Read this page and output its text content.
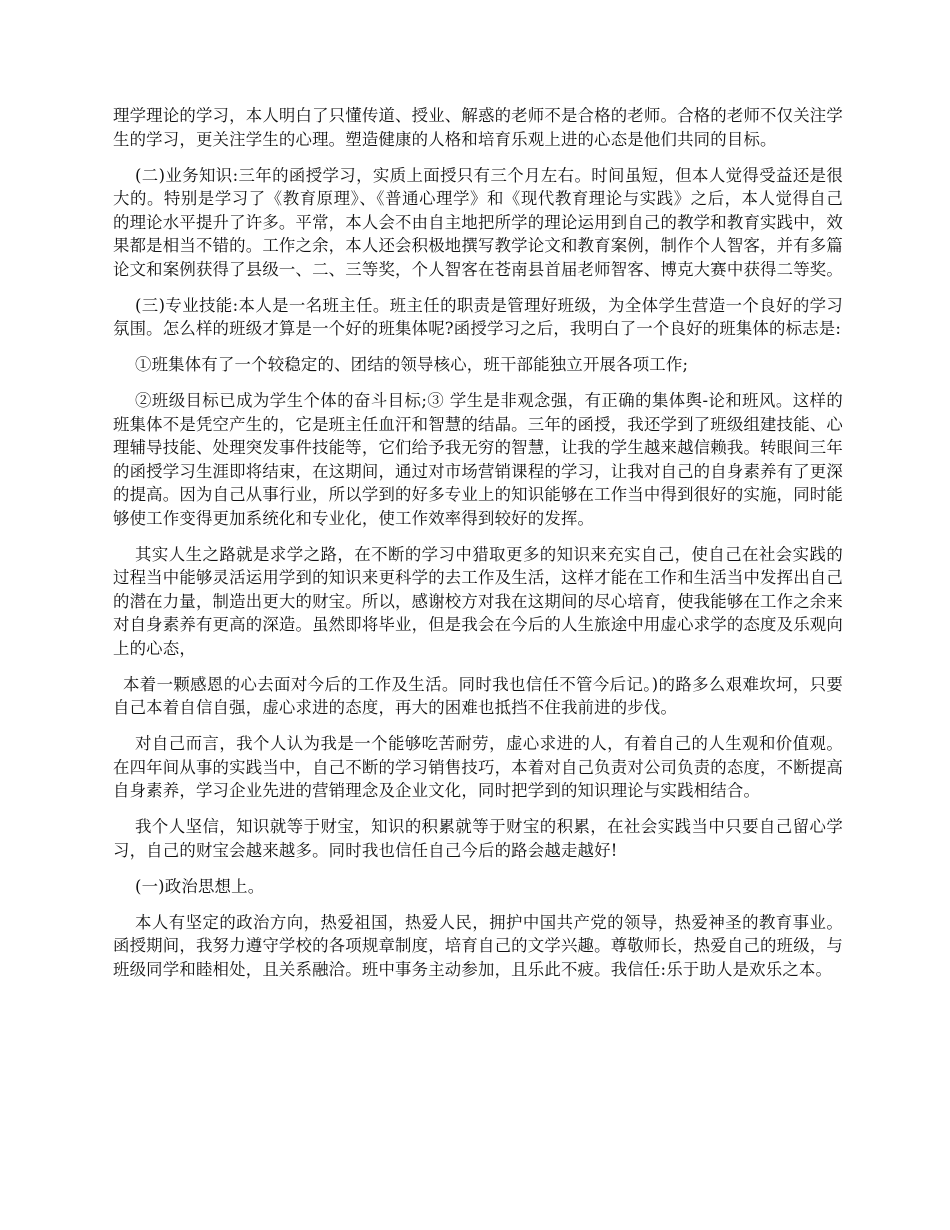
理学理论的学习，本人明白了只懂传道、授业、解惑的老师不是合格的老师。合格的老师不仅关注学生的学习，更关注学生的心理。塑造健康的人格和培育乐观上进的心态是他们共同的目标。

(二)业务知识:三年的函授学习，实质上面授只有三个月左右。时间虽短，但本人觉得受益还是很大的。特别是学习了《教育原理》、《普通心理学》和《现代教育理论与实践》之后，本人觉得自己的理论水平提升了许多。平常，本人会不由自主地把所学的理论运用到自己的教学和教育实践中，效果都是相当不错的。工作之余，本人还会积极地撰写教学论文和教育案例，制作个人智客，并有多篇论文和案例获得了县级一、二、三等奖，个人智客在苍南县首届老师智客、博克大赛中获得二等奖。

(三)专业技能:本人是一名班主任。班主任的职责是管理好班级，为全体学生营造一个良好的学习氛围。怎么样的班级才算是一个好的班集体呢?函授学习之后，我明白了一个良好的班集体的标志是:

①班集体有了一个较稳定的、团结的领导核心，班干部能独立开展各项工作;

②班级目标已成为学生个体的奋斗目标;③ 学生是非观念强，有正确的集体舆-论和班风。这样的班集体不是凭空产生的，它是班主任血汗和智慧的结晶。三年的函授，我还学到了班级组建技能、心理辅导技能、处理突发事件技能等，它们给予我无穷的智慧，让我的学生越来越信赖我。转眼间三年的函授学习生涯即将结束，在这期间，通过对市场营销课程的学习，让我对自己的自身素养有了更深的提高。因为自己从事行业，所以学到的好多专业上的知识能够在工作当中得到很好的实施，同时能够使工作变得更加系统化和专业化，使工作效率得到较好的发挥。

其实人生之路就是求学之路，在不断的学习中猎取更多的知识来充实自己，使自己在社会实践的过程当中能够灵活运用学到的知识来更科学的去工作及生活，这样才能在工作和生活当中发挥出自己的潜在力量，制造出更大的财宝。所以，感谢校方对我在这期间的尽心培育，使我能够在工作之余来对自身素养有更高的深造。虽然即将毕业，但是我会在今后的人生旅途中用虚心求学的态度及乐观向上的心态，

本着一颗感恩的心去面对今后的工作及生活。同时我也信任不管今后记。)的路多么艰难坎坷，只要自己本着自信自强，虚心求进的态度，再大的困难也抵挡不住我前进的步伐。

对自己而言，我个人认为我是一个能够吃苦耐劳，虚心求进的人，有着自己的人生观和价值观。在四年间从事的实践当中，自己不断的学习销售技巧，本着对自己负责对公司负责的态度，不断提高自身素养，学习企业先进的营销理念及企业文化，同时把学到的知识理论与实践相结合。

我个人坚信，知识就等于财宝，知识的积累就等于财宝的积累，在社会实践当中只要自己留心学习，自己的财宝会越来越多。同时我也信任自己今后的路会越走越好!

(一)政治思想上。

本人有坚定的政治方向，热爱祖国，热爱人民，拥护中国共产党的领导，热爱神圣的教育事业。函授期间，我努力遵守学校的各项规章制度，培育自己的文学兴趣。尊敬师长，热爱自己的班级，与班级同学和睦相处，且关系融洽。班中事务主动参加，且乐此不疲。我信任:乐于助人是欢乐之本。
